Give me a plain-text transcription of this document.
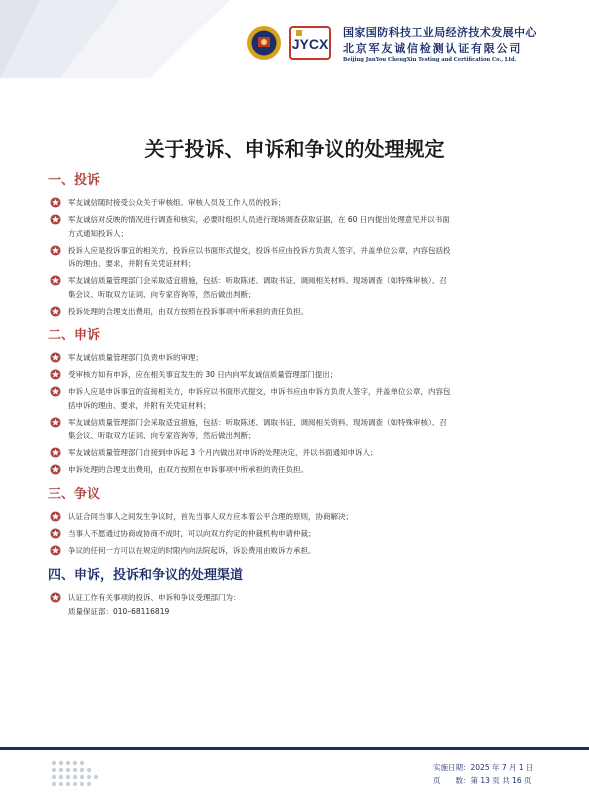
JYCX
国家国防科技工业局经济技术发展中心
北京军友诚信检测认证有限公司
Beijing JunYou ChengXin Testing and Certification Co., Ltd.
关于投诉、申诉和争议的处理规定
一、投诉
军友诚信随时接受公众关于审核组、审核人员及工作人员的投诉；
军友诚信对反映的情况进行调查和核实，必要时组织人员进行现场调查获取证据，在 60 日内提出处理意见并以书面
方式通知投诉人；
投诉人应是投诉事宜的相关方，投诉应以书面形式提交，投诉书应由投诉方负责人签字，并盖单位公章，内容包括投
诉的理由、要求，并附有关凭证材料；
军友诚信质量管理部门会采取适宜措施，包括：听取陈述、调取书证、调阅相关材料、现场调查（如特殊审核）、召
集会议、听取双方证词、向专家咨询等，然后做出判断；
投诉处理的合理支出费用，由双方按照在投诉事项中所承担的责任负担。
二、申诉
军友诚信质量管理部门负责申诉的审理；
受审核方如有申诉，应在相关事宜发生的 30 日内向军友诚信质量管理部门提出；
申诉人应是申诉事宜的直接相关方，申诉应以书面形式提交，申诉书应由申诉方负责人签字，并盖单位公章，内容包
括申诉的理由、要求，并附有关凭证材料；
军友诚信质量管理部门会采取适宜措施，包括：听取陈述、调取书证、调阅相关资料、现场调查（如特殊审核）、召
集会议、听取双方证词、向专家咨询等，然后做出判断；
军友诚信质量管理部门自接到申诉起 3 个月内做出对申诉的处理决定，并以书面通知申诉人；
申诉处理的合理支出费用，由双方按照在申诉事项中所承担的责任负担。
三、争议
认证合同当事人之间发生争议时，首先当事人双方应本着公平合理的原则，协商解决；
当事人不愿通过协商或协商不成时，可以向双方约定的仲裁机构申请仲裁；
争议的任何一方可以在规定的时限内向法院起诉，诉讼费用由败诉方承担。
四、申诉，投诉和争议的处理渠道
认证工作有关事项的投诉、申诉和争议受理部门为：
质量保证部：010–68116819
实施日期：2025 年 7 月 1 日
页　　数：第 13 页 共 16 页
